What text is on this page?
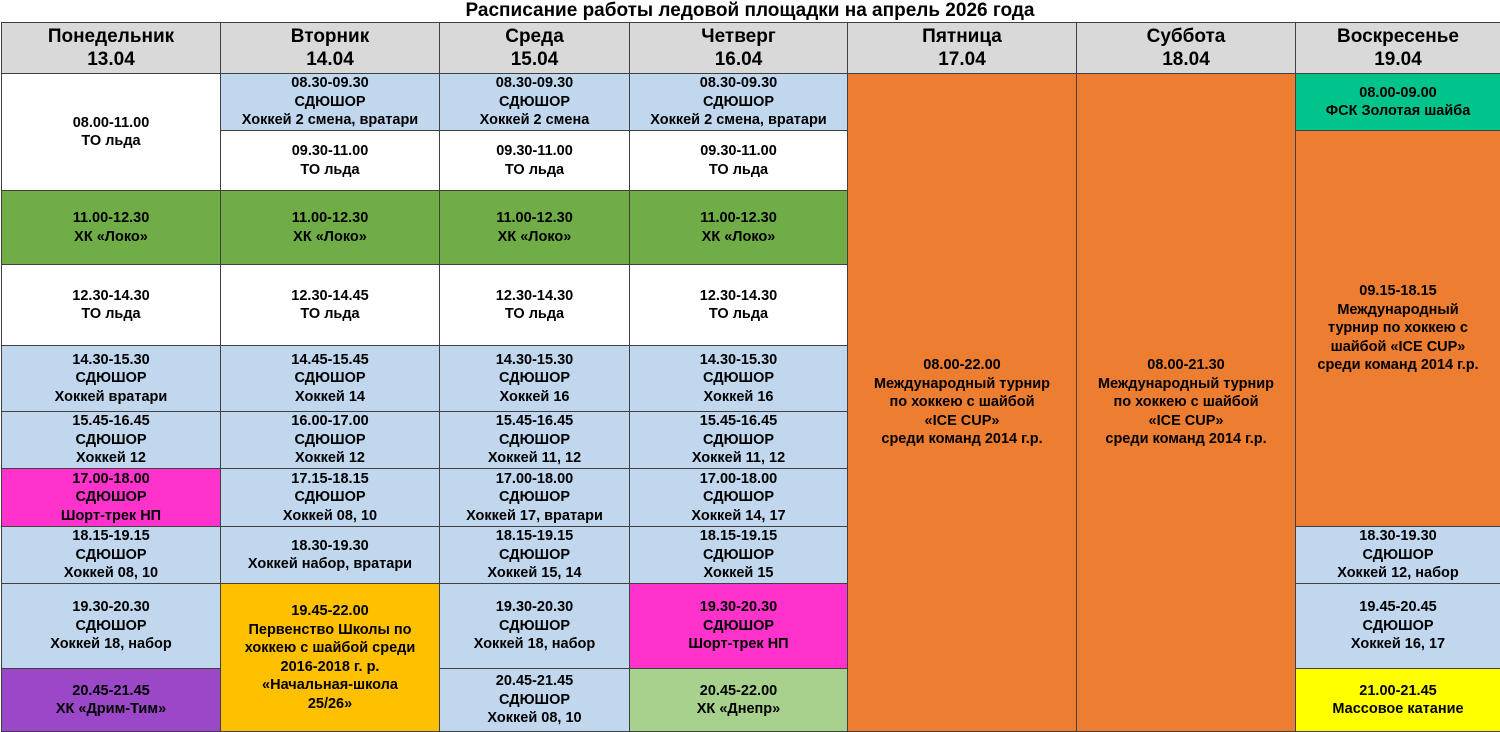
Расписание работы ледовой площадки на апрель 2026 года
Понедельник
13.04
Вторник
14.04
Среда
15.04
Четверг
16.04
Пятница
17.04
Суббота
18.04
Воскресенье
19.04
08.00-11.00
ТО льда
11.00-12.30
ХК «Локо»
12.30-14.30
ТО льда
14.30-15.30
СДЮШОР
Хоккей вратари
15.45-16.45
СДЮШОР
Хоккей 12
17.00-18.00
СДЮШОР
Шорт-трек НП
18.15-19.15
СДЮШОР
Хоккей 08, 10
19.30-20.30
СДЮШОР
Хоккей 18, набор
20.45-21.45
ХК «Дрим-Тим»
08.30-09.30
СДЮШОР
Хоккей 2 смена, вратари
09.30-11.00
ТО льда
11.00-12.30
ХК «Локо»
12.30-14.45
ТО льда
14.45-15.45
СДЮШОР
Хоккей 14
16.00-17.00
СДЮШОР
Хоккей 12
17.15-18.15
СДЮШОР
Хоккей 08, 10
18.30-19.30
Хоккей набор, вратари
19.45-22.00
Первенство Школы по
хоккею с шайбой среди
2016-2018 г. р.
«Начальная-школа
25/26»
08.30-09.30
СДЮШОР
Хоккей 2 смена
09.30-11.00
ТО льда
11.00-12.30
ХК «Локо»
12.30-14.30
ТО льда
14.30-15.30
СДЮШОР
Хоккей 16
15.45-16.45
СДЮШОР
Хоккей 11, 12
17.00-18.00
СДЮШОР
Хоккей 17, вратари
18.15-19.15
СДЮШОР
Хоккей 15, 14
19.30-20.30
СДЮШОР
Хоккей 18, набор
20.45-21.45
СДЮШОР
Хоккей 08, 10
08.30-09.30
СДЮШОР
Хоккей 2 смена, вратари
09.30-11.00
ТО льда
11.00-12.30
ХК «Локо»
12.30-14.30
ТО льда
14.30-15.30
СДЮШОР
Хоккей 16
15.45-16.45
СДЮШОР
Хоккей 11, 12
17.00-18.00
СДЮШОР
Хоккей 14, 17
18.15-19.15
СДЮШОР
Хоккей 15
19.30-20.30
СДЮШОР
Шорт-трек НП
20.45-22.00
ХК «Днепр»
08.00-22.00
Международный турнир
по хоккею с шайбой
«ICE CUP»
среди команд 2014 г.р.
08.00-21.30
Международный турнир
по хоккею с шайбой
«ICE CUP»
среди команд 2014 г.р.
08.00-09.00
ФСК Золотая шайба
09.15-18.15
Международный
турнир по хоккею с
шайбой «ICE CUP»
среди команд 2014 г.р.
18.30-19.30
СДЮШОР
Хоккей 12, набор
19.45-20.45
СДЮШОР
Хоккей 16, 17
21.00-21.45
Массовое катание
